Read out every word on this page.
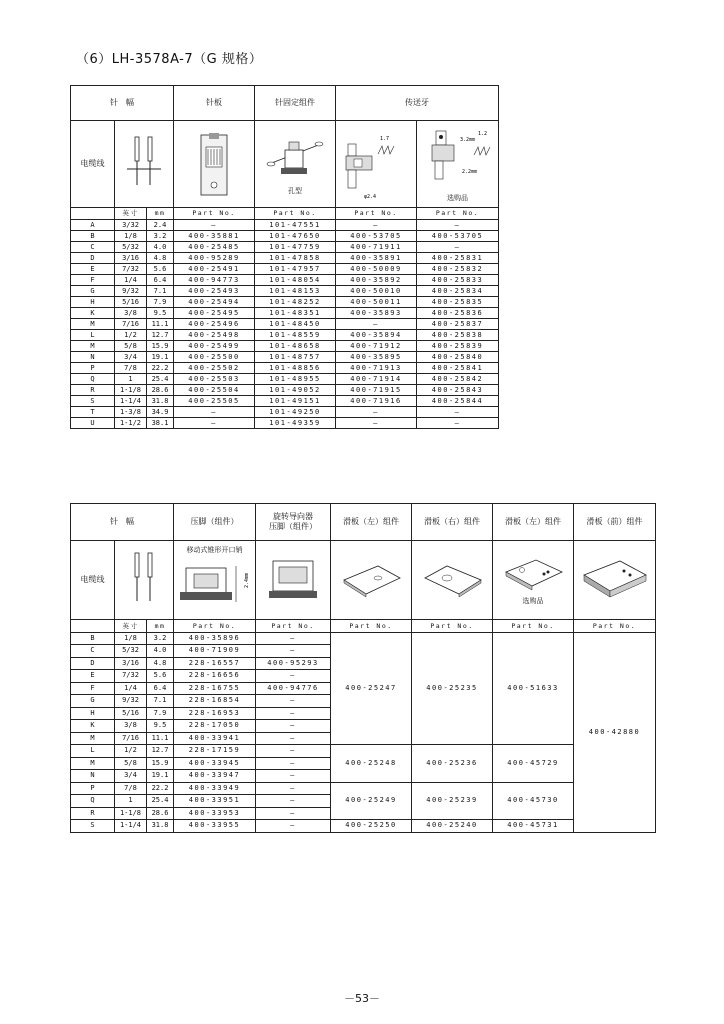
（6）LH-3578A-7（G 规格）
针　幅			针板	针固定组件	传送牙	
电缆线				孔型	1.7
φ2.4	3.2mm
1.2
2.2mm
选购品

	英寸	mm	Part No.	Part No.	Part No.	Part No.
A	3/32	2.4	—	101-47551	—	—
B	1/8	3.2	400-35881	101-47650	400-53705	400-53705
C	5/32	4.0	400-25485	101-47759	400-71911	—
D	3/16	4.8	400-95289	101-47858	400-35891	400-25831
E	7/32	5.6	400-25491	101-47957	400-50009	400-25832
F	1/4	6.4	400-94773	101-48054	400-35892	400-25833
G	9/32	7.1	400-25493	101-48153	400-50010	400-25834
H	5/16	7.9	400-25494	101-48252	400-50011	400-25835
K	3/8	9.5	400-25495	101-48351	400-35893	400-25836
M	7/16	11.1	400-25496	101-48450	—	400-25837
L	1/2	12.7	400-25498	101-48559	400-35894	400-25838
M	5/8	15.9	400-25499	101-48658	400-71912	400-25839
N	3/4	19.1	400-25500	101-48757	400-35895	400-25840
P	7/8	22.2	400-25502	101-48856	400-71913	400-25841
Q	1	25.4	400-25503	101-48955	400-71914	400-25842
R	1-1/8	28.6	400-25504	101-49052	400-71915	400-25843
S	1-1/4	31.8	400-25505	101-49151	400-71916	400-25844
T	1-3/8	34.9	—	101-49250	—	—
U	1-1/2	38.1	—	101-49359	—	—
针　幅			压脚（组件）	旋转导向器
压脚（组件）	滑板（左）组件	滑板（右）组件	滑板（左）组件	滑板（前）组件
电缆线			移动式锥形开口销
2.4mm				选购品

	英寸	mm	Part No.	Part No.	Part No.	Part No.	Part No.	Part No.
B	1/8	3.2	400-35896	—	400-25247	400-25235	400-51633	400-42880
C	5/32	4.0	400-71909	—				
D	3/16	4.8	228-16557	400-95293				
E	7/32	5.6	228-16656	—				
F	1/4	6.4	228-16755	400-94776				
G	9/32	7.1	228-16854	—				
H	5/16	7.9	228-16953	—				
K	3/8	9.5	228-17050	—				
M	7/16	11.1	400-33941	—				
L	1/2	12.7	228-17159	—	400-25248	400-25236	400-45729	
M	5/8	15.9	400-33945	—				
N	3/4	19.1	400-33947	—				
P	7/8	22.2	400-33949	—	400-25249	400-25239	400-45730	
Q	1	25.4	400-33951	—				
R	1-1/8	28.6	400-33953	—				
S	1-1/4	31.8	400-33955	—	400-25250	400-25240	400-45731	
－53－
